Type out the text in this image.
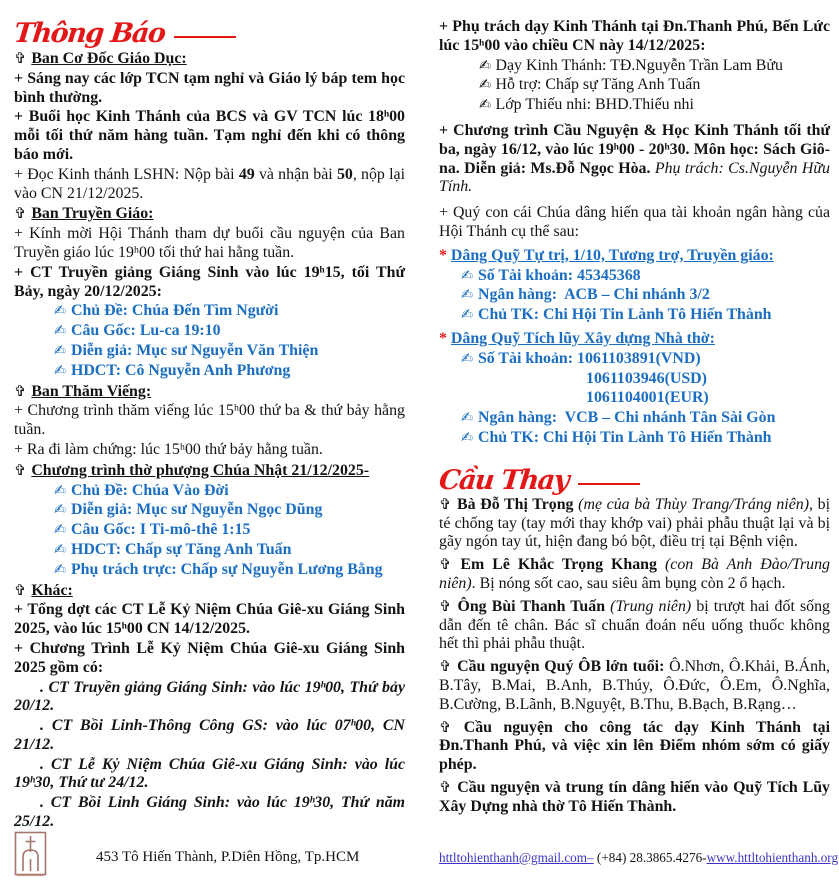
Thông Báo

✞ Ban Cơ Đốc Giáo Dục:

+ Sáng nay các lớp TCN tạm nghỉ và Giáo lý báp tem học bình thường.

+ Buổi học Kinh Thánh của BCS và GV TCN lúc 18ʰ00 mỗi tối thứ năm hàng tuần. Tạm nghỉ đến khi có thông báo mới.

+ Đọc Kinh thánh LSHN: Nộp bài 49 và nhận bài 50, nộp lại vào CN 21/12/2025.

✞ Ban Truyền Giáo:

+ Kính mời Hội Thánh tham dự buổi cầu nguyện của Ban Truyền giáo lúc 19ʰ00 tối thứ hai hằng tuần.

+ CT Truyền giảng Giáng Sinh vào lúc 19ʰ15, tối Thứ Bảy, ngày 20/12/2025:

✍ Chủ Đề: Chúa Đến Tìm Người

✍ Câu Gốc: Lu-ca 19:10

✍ Diễn giả: Mục sư Nguyễn Văn Thiện

✍ HDCT: Cô Nguyễn Anh Phương

✞ Ban Thăm Viếng:

+ Chương trình thăm viếng lúc 15ʰ00 thứ ba & thứ bảy hằng tuần.

+ Ra đi làm chứng: lúc 15ʰ00 thứ bảy hằng tuần.

✞ Chương trình thờ phượng Chúa Nhật 21/12/2025-

✍ Chủ Đề: Chúa Vào Đời

✍ Diễn giả: Mục sư Nguyễn Ngọc Dũng

✍ Câu Gốc: I Ti-mô-thê 1:15

✍ HDCT: Chấp sự Tăng Anh Tuấn

✍ Phụ trách trực: Chấp sự Nguyễn Lương Bằng

✞ Khác:

+ Tổng dợt các CT Lễ Kỷ Niệm Chúa Giê-xu Giáng Sinh 2025, vào lúc 15ʰ00 CN 14/12/2025.

+ Chương Trình Lễ Kỷ Niệm Chúa Giê-xu Giáng Sinh 2025 gồm có:

. CT Truyền giảng Giáng Sinh: vào lúc 19ʰ00, Thứ bảy 20/12.

. CT Bồi Linh-Thông Công GS: vào lúc 07ʰ00, CN 21/12.

. CT Lễ Kỷ Niệm Chúa Giê-xu Giáng Sinh: vào lúc 19ʰ30, Thứ tư 24/12.

. CT Bồi Linh Giáng Sinh: vào lúc 19ʰ30, Thứ năm 25/12.

+ Phụ trách dạy Kinh Thánh tại Đn.Thanh Phú, Bến Lức lúc 15ʰ00 vào chiều CN này 14/12/2025:

✍ Dạy Kinh Thánh: TĐ.Nguyễn Trần Lam Bửu

✍ Hỗ trợ: Chấp sự Tăng Anh Tuấn

✍ Lớp Thiếu nhi: BHD.Thiếu nhi

+ Chương trình Cầu Nguyện & Học Kinh Thánh tối thứ ba, ngày 16/12, vào lúc 19ʰ00 - 20ʰ30. Môn học: Sách Giô-na. Diễn giả: Ms.Đỗ Ngọc Hòa. Phụ trách: Cs.Nguyễn Hữu Tính.

+ Quý con cái Chúa dâng hiến qua tài khoản ngân hàng của Hội Thánh cụ thể sau:

* Dâng Quỹ Tự trị, 1/10, Tương trợ, Truyền giáo:

✍ Số Tài khoản: 45345368

✍ Ngân hàng:  ACB – Chi nhánh 3/2

✍ Chủ TK: Chi Hội Tin Lành Tô Hiến Thành

* Dâng Quỹ Tích lũy Xây dựng Nhà thờ:

✍ Số Tài khoản: 1061103891(VND)

1061103946(USD)

1061104001(EUR)

✍ Ngân hàng:  VCB – Chi nhánh Tân Sài Gòn

✍ Chủ TK: Chi Hội Tin Lành Tô Hiến Thành

Cầu Thay

✞ Bà Đỗ Thị Trọng (mẹ của bà Thùy Trang/Tráng niên), bị té chống tay (tay mới thay khớp vai) phải phẫu thuật lại và bị gãy ngón tay út, hiện đang bó bột, điều trị tại Bệnh viện.

✞ Em Lê Khắc Trọng Khang (con Bà Anh Đào/Trung niên). Bị nóng sốt cao, sau siêu âm bụng còn 2 ổ hạch.

✞ Ông Bùi Thanh Tuấn (Trung niên) bị trượt hai đốt sống dẫn đến tê chân. Bác sĩ chuẩn đoán nếu uống thuốc không hết thì phải phẫu thuật.

✞ Cầu nguyện Quý ÔB lớn tuổi: Ô.Nhơn, Ô.Khải, B.Ánh, B.Tây, B.Mai, B.Anh, B.Thúy, Ô.Đức, Ô.Em, Ô.Nghĩa, B.Cường, B.Lãnh, B.Nguyệt, B.Thu, B.Bạch, B.Rạng…

✞ Cầu nguyện cho công tác dạy Kinh Thánh tại Đn.Thanh Phú, và việc xin lên Điểm nhóm sớm có giấy phép.

✞ Cầu nguyện và trung tín dâng hiến vào Quỹ Tích Lũy Xây Dựng nhà thờ Tô Hiến Thành.

453 Tô Hiến Thành, P.Diên Hồng, Tp.HCM	httltohienthanh@gmail.com– (+84) 28.3865.4276-www.httltohienthanh.org
